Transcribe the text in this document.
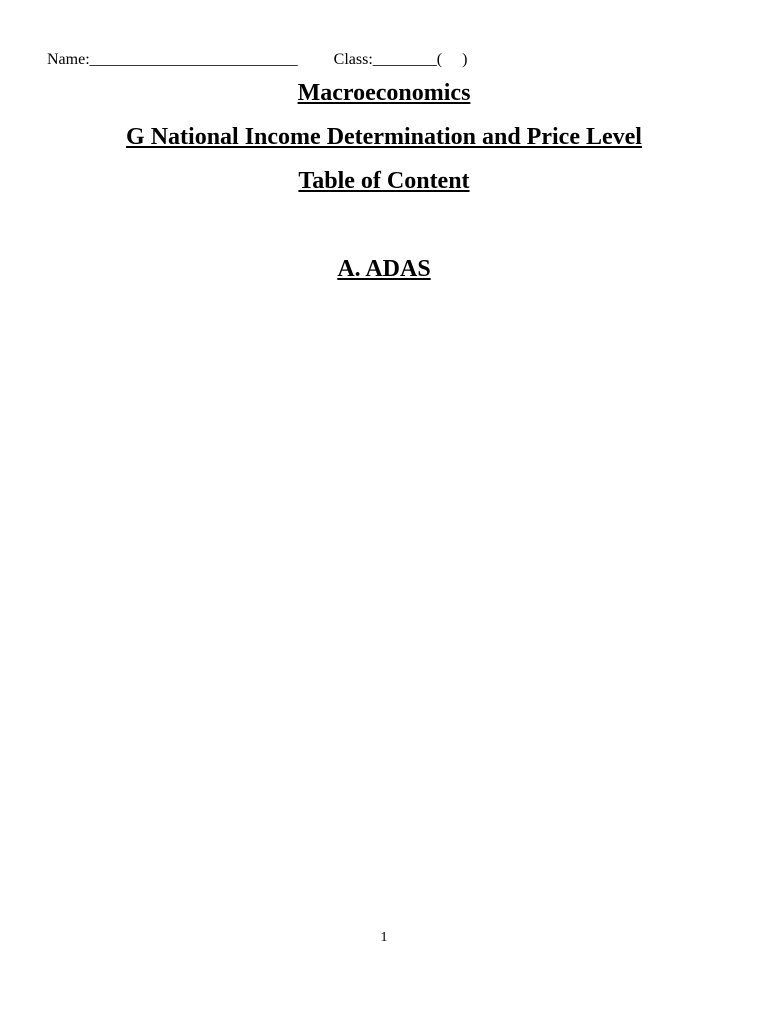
Name:__________________________ Class:________(     )
Macroeconomics
G National Income Determination and Price Level
Table of Content
A. ADAS
1
